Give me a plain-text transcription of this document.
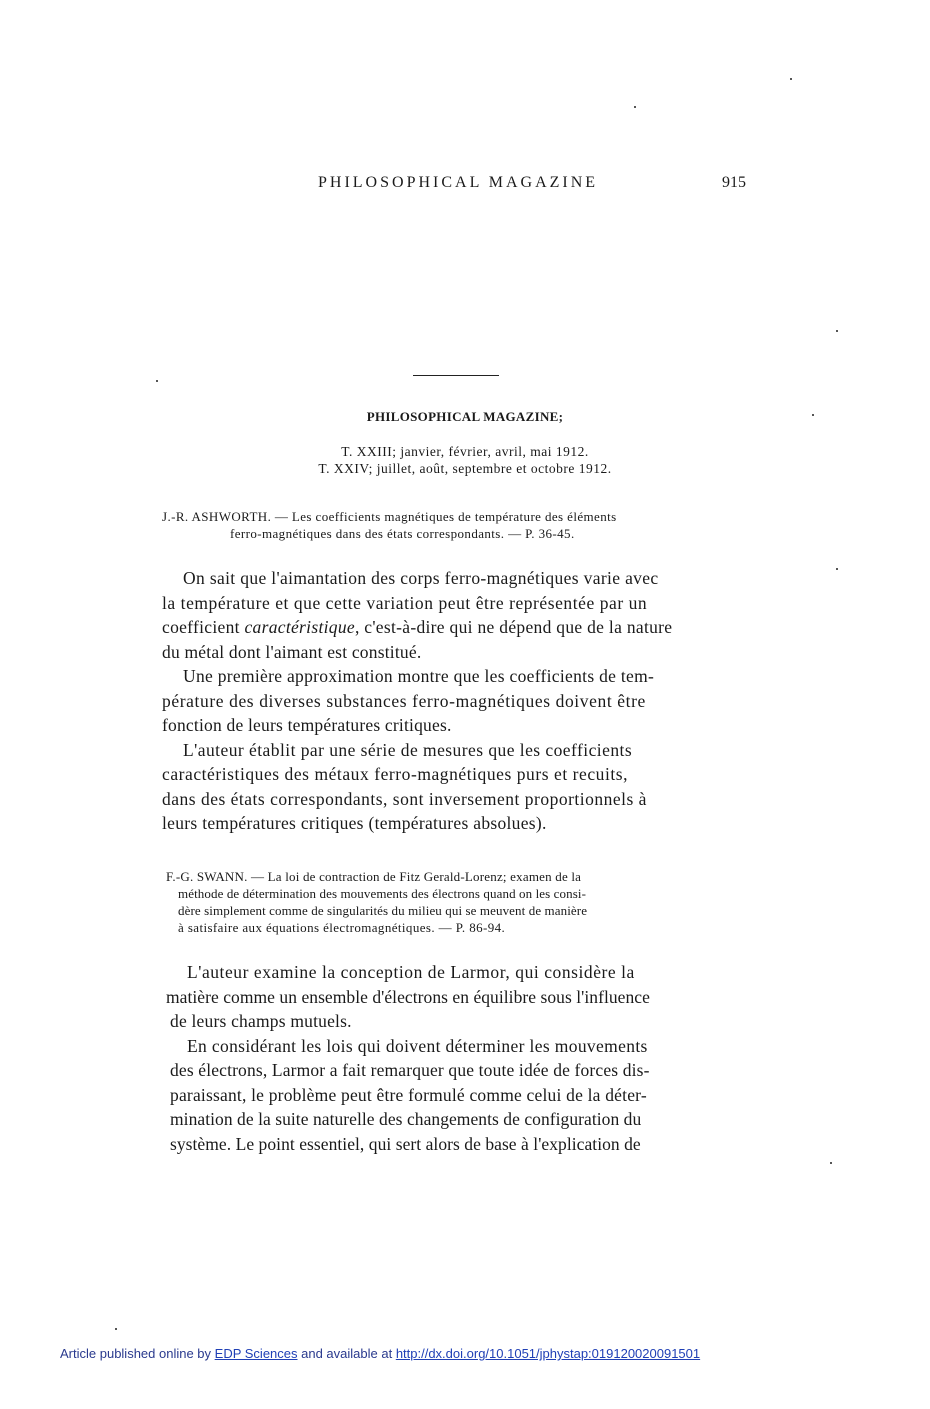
PHILOSOPHICAL MAGAZINE	915
PHILOSOPHICAL MAGAZINE;
T. XXIII; janvier, février, avril, mai 1912.
T. XXIV; juillet, août, septembre et octobre 1912.
J.-R. ASHWORTH. — Les coefficients magnétiques de température des éléments
ferro-magnétiques dans des états correspondants. — P. 36-45.
On sait que l'aimantation des corps ferro-magnétiques varie avec
la température et que cette variation peut être représentée par un
coefficient caractéristique, c'est-à-dire qui ne dépend que de la nature
du métal dont l'aimant est constitué.
Une première approximation montre que les coefficients de tem-
pérature des diverses substances ferro-magnétiques doivent être
fonction de leurs températures critiques.
L'auteur établit par une série de mesures que les coefficients
caractéristiques des métaux ferro-magnétiques purs et recuits,
dans des états correspondants, sont inversement proportionnels à
leurs températures critiques (températures absolues).
F.-G. SWANN. — La loi de contraction de Fitz Gerald-Lorenz; examen de la
méthode de détermination des mouvements des électrons quand on les consi-
dère simplement comme de singularités du milieu qui se meuvent de manière
à satisfaire aux équations électromagnétiques. — P. 86-94.
L'auteur examine la conception de Larmor, qui considère la
matière comme un ensemble d'électrons en équilibre sous l'influence
de leurs champs mutuels.
En considérant les lois qui doivent déterminer les mouvements
des électrons, Larmor a fait remarquer que toute idée de forces dis-
paraissant, le problème peut être formulé comme celui de la déter-
mination de la suite naturelle des changements de configuration du
système. Le point essentiel, qui sert alors de base à l'explication de
Article published online by EDP Sciences and available at http://dx.doi.org/10.1051/jphystap:019120020091501
